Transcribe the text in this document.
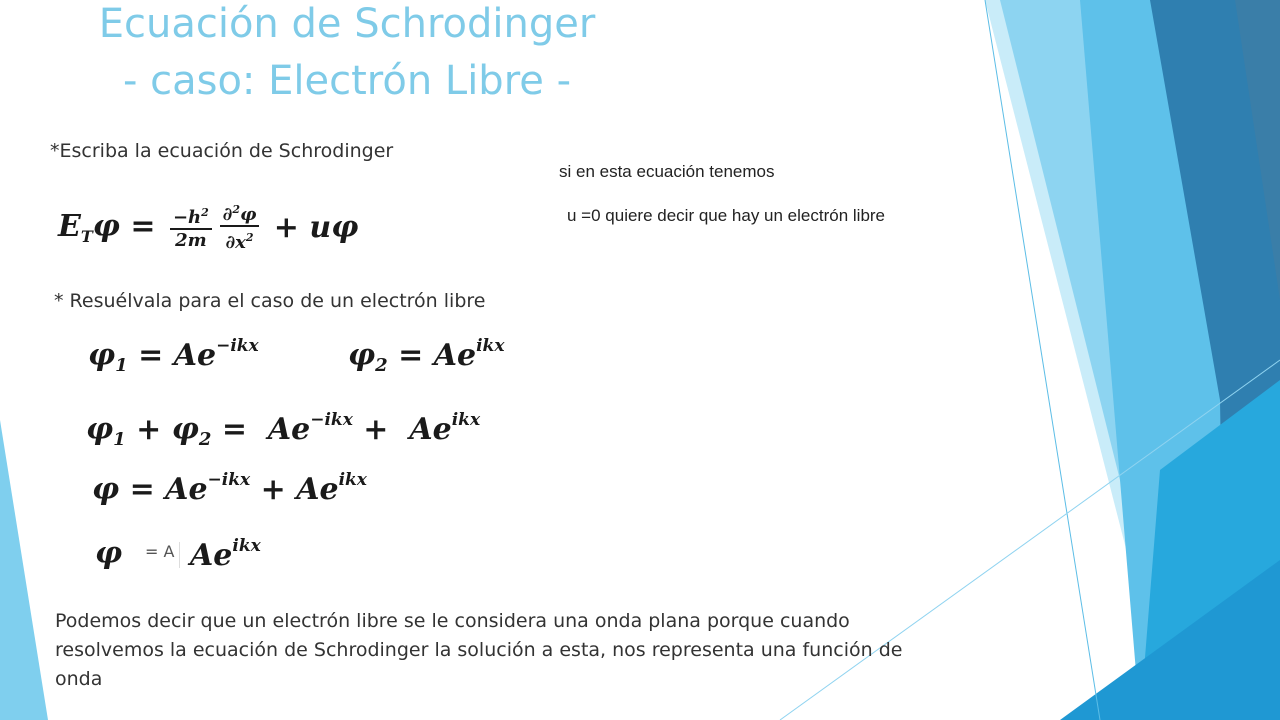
Ecuación de Schrodinger
- caso: Electrón Libre -
*Escriba la ecuación de Schrodinger
si en esta ecuación tenemos
u =0 quiere decir que hay un electrón libre
$E_T\varphi = \frac{-h^2}{2m} \frac{\partial^2\varphi}{\partial x^2} + u\varphi$
* Resuélvala para el caso de un electrón libre
$\varphi_1 = Ae^{-ikx}$	$\varphi_2 = Ae^{ikx}$
$\varphi_1 + \varphi_2 = Ae^{-ikx} + Ae^{ikx}$
$\varphi = Ae^{-ikx} + Ae^{ikx}$
φ = A $Ae^{ikx}$
Podemos decir que un electrón libre se le considera una onda plana porque cuando resolvemos la ecuación de Schrodinger la solución a esta, nos representa una función de onda
